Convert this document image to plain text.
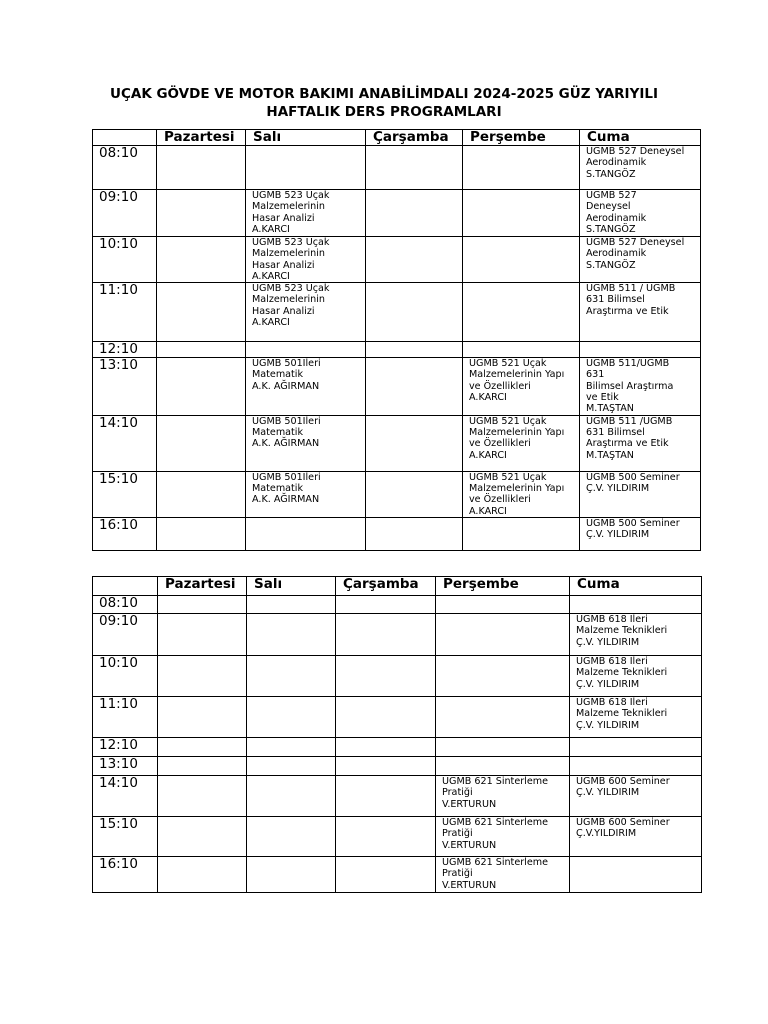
UÇAK GÖVDE VE MOTOR BAKIMI ANABİLİMDALI 2024-2025 GÜZ YARIYILI
HAFTALIK DERS PROGRAMLARI
	Pazartesi	Salı	Çarşamba	Perşembe	Cuma
08:10					UGMB 527 Deneysel
Aerodinamik
S.TANGÖZ

09:10		UGMB 523 Uçak
Malzemelerinin
Hasar Analizi
A.KARCI			UGMB 527
Deneysel
Aerodinamik
S.TANGÖZ

10:10		UGMB 523 Uçak
Malzemelerinin
Hasar Analizi
A.KARCI			UGMB 527 Deneysel
Aerodinamik
S.TANGÖZ

11:10		UGMB 523 Uçak
Malzemelerinin
Hasar Analizi
A.KARCI			UGMB 511 / UGMB
631 Bilimsel
Araştırma ve Etik

12:10	

13:10		UGMB 501İleri
Matematik
A.K. AĞIRMAN		UGMB 521 Uçak
Malzemelerinin Yapı
ve Özellikleri
A.KARCI	UGMB 511/UGMB
631
Bilimsel Araştırma
ve Etik
M.TAŞTAN

14:10		UGMB 501İleri
Matematik
A.K. AĞIRMAN		UGMB 521 Uçak
Malzemelerinin Yapı
ve Özellikleri
A.KARCI	UGMB 511 /UGMB
631 Bilimsel
Araştırma ve Etik
M.TAŞTAN

15:10		UGMB 501İleri
Matematik
A.K. AĞIRMAN		UGMB 521 Uçak
Malzemelerinin Yapı
ve Özellikleri
A.KARCI	UGMB 500 Seminer
Ç.V. YILDIRIM

16:10					UGMB 500 Seminer
Ç.V. YILDIRIM
	Pazartesi	Salı	Çarşamba	Perşembe	Cuma
08:10	

09:10					UGMB 618 İleri
Malzeme Teknikleri
Ç.V. YILDIRIM

10:10					UGMB 618 İleri
Malzeme Teknikleri
Ç.V. YILDIRIM

11:10					UGMB 618 İleri
Malzeme Teknikleri
Ç.V. YILDIRIM

12:10	

13:10	

14:10				UGMB 621 Sinterleme
Pratiği
V.ERTURUN	UGMB 600 Seminer
Ç.V. YILDIRIM

15:10				UGMB 621 Sinterleme
Pratiği
V.ERTURUN	UGMB 600 Seminer
Ç.V.YILDIRIM

16:10				UGMB 621 Sinterleme
Pratiği
V.ERTURUN	
